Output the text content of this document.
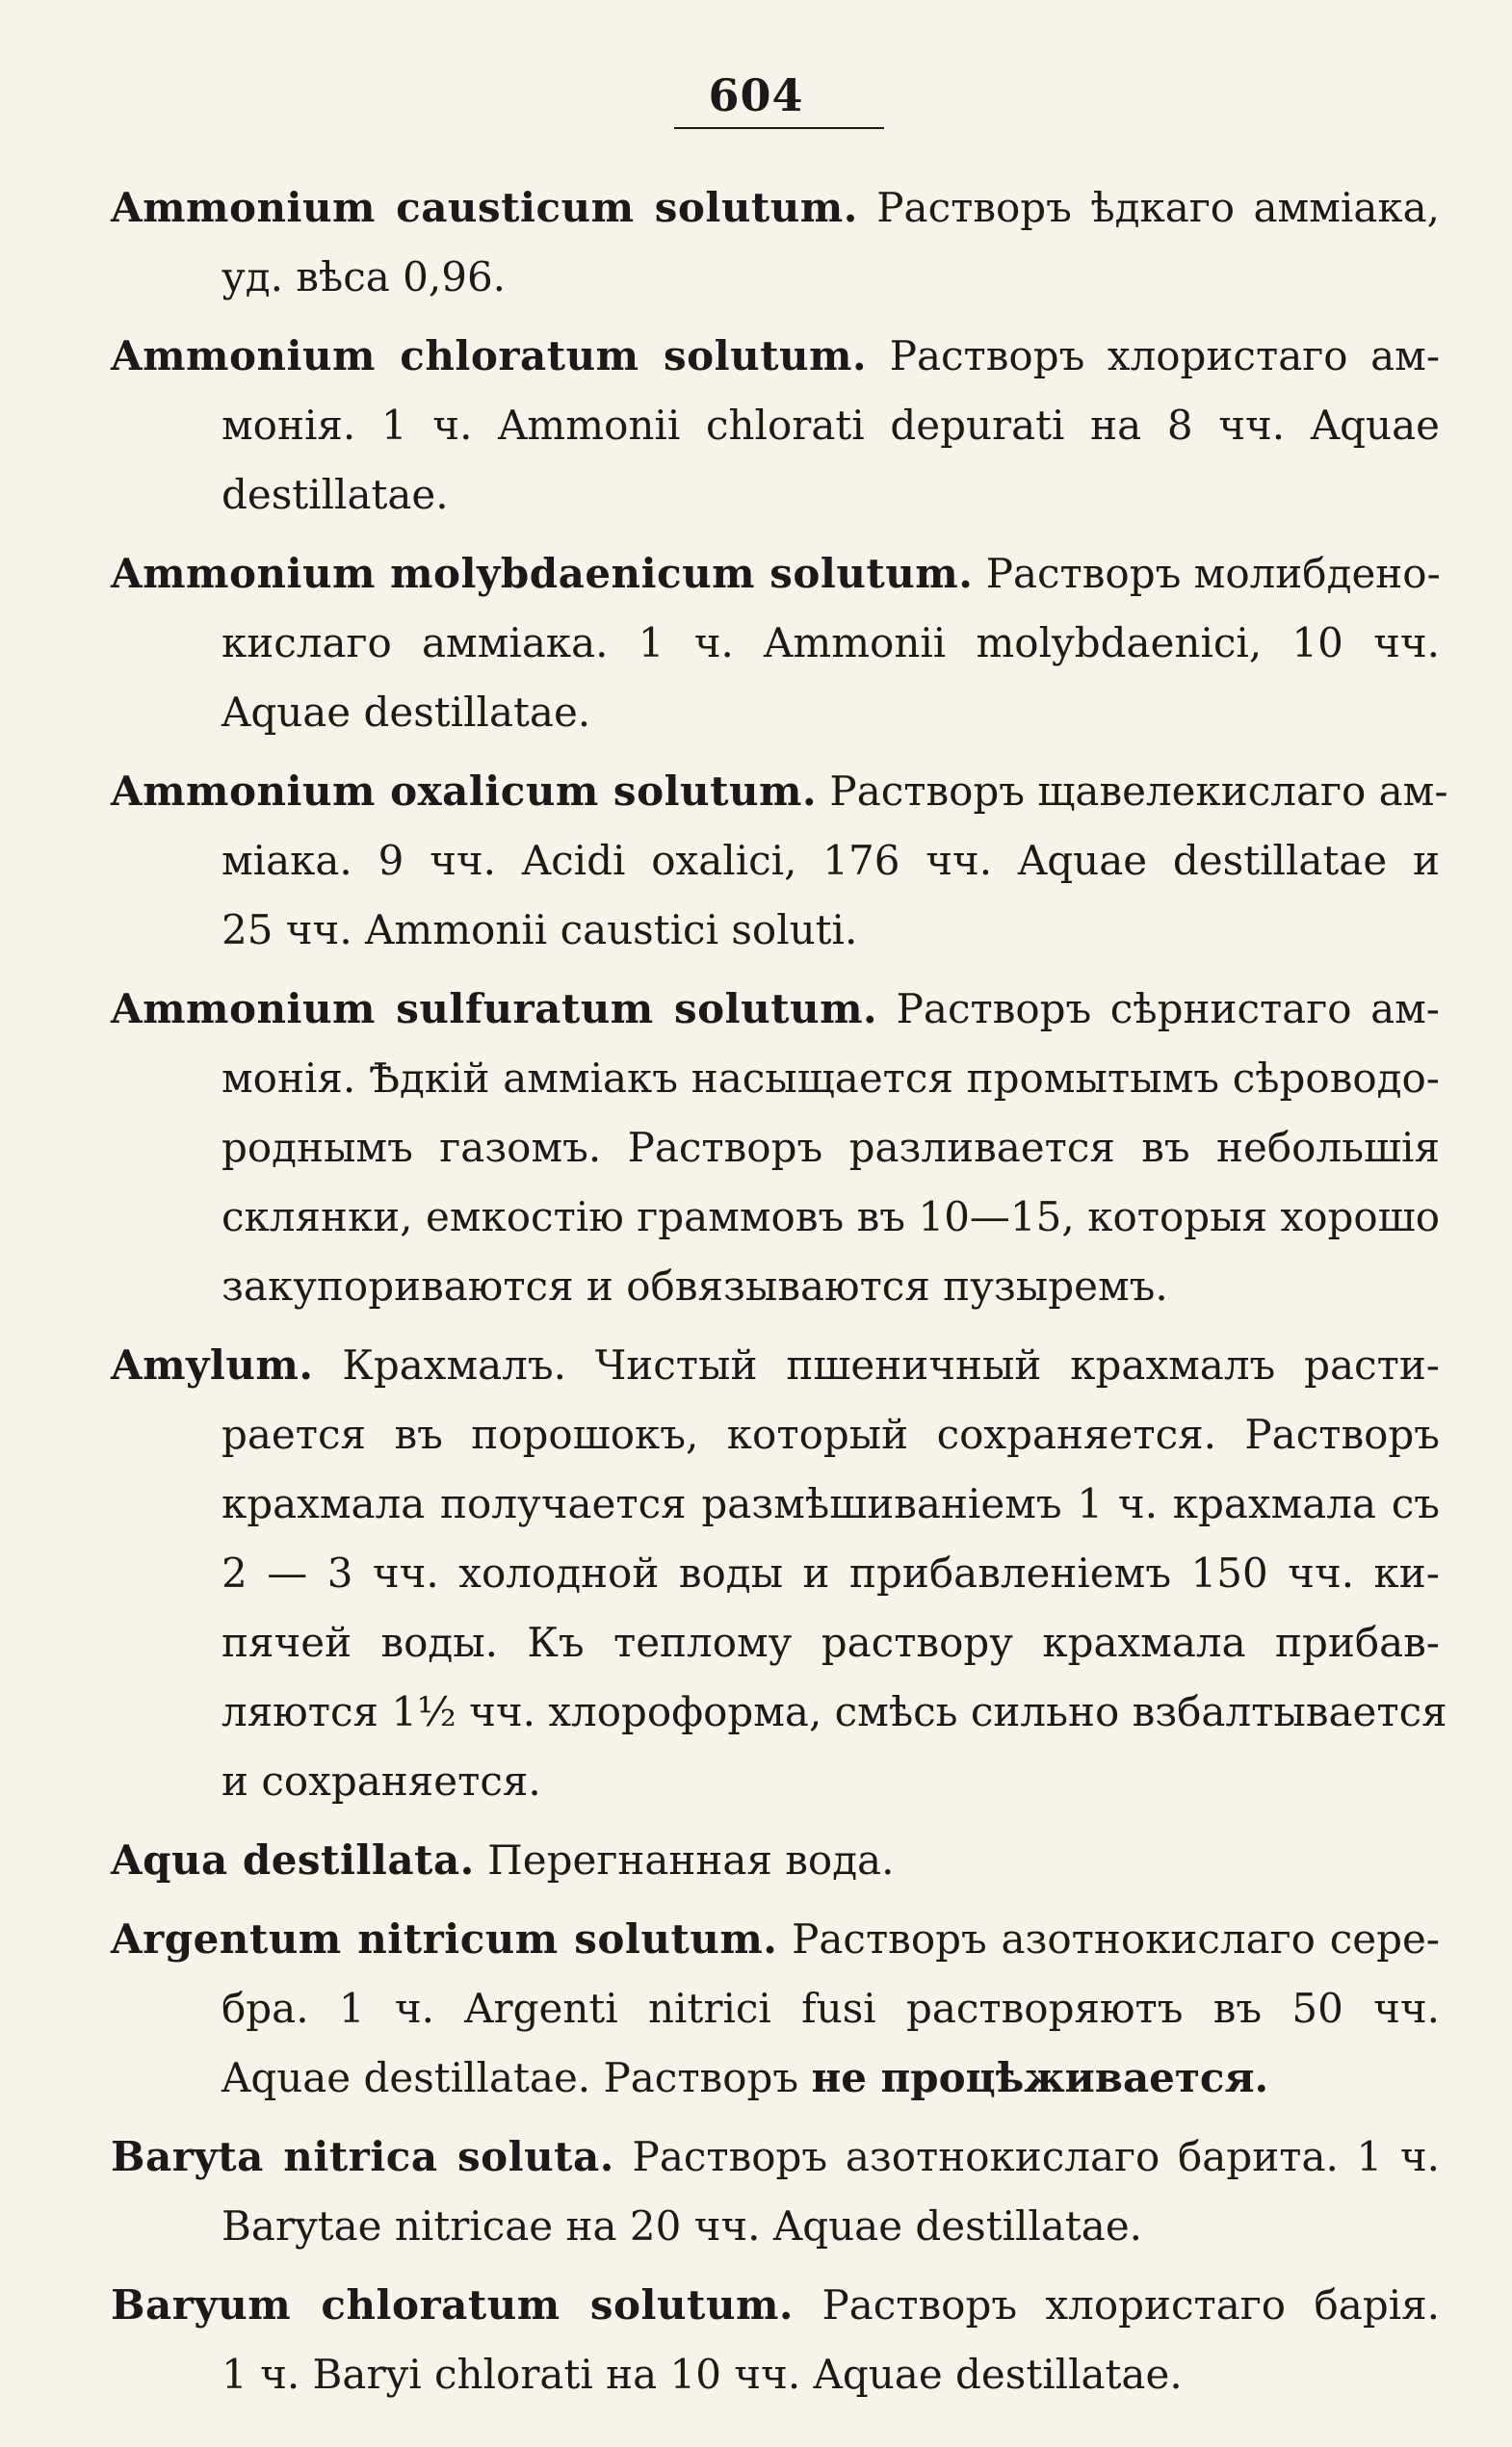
604
Ammonium causticum solutum. Растворъ ѣдкаго амміака,
уд. вѣса 0,96.
Ammonium chloratum solutum. Растворъ хлористаго ам-
монія. 1 ч. Ammonii chlorati depurati на 8 чч. Aquae
destillatae.
Ammonium molybdaenicum solutum. Растворъ молибдено-
кислаго амміака. 1 ч. Ammonii molybdaenici, 10 чч.
Aquae destillatae.
Ammonium oxalicum solutum. Растворъ щавелекислаго ам-
міака. 9 чч. Acidi oxalici, 176 чч. Aquae destillatae и
25 чч. Ammonii caustici soluti.
Ammonium sulfuratum solutum. Растворъ сѣрнистаго ам-
монія. Ѣдкій амміакъ насыщается промытымъ сѣроводо-
роднымъ газомъ. Растворъ разливается въ небольшія
склянки, емкостію граммовъ въ 10—15, которыя хорошо
закупориваются и обвязываются пузыремъ.
Amylum. Крахмалъ. Чистый пшеничный крахмалъ расти-
рается въ порошокъ, который сохраняется. Растворъ
крахмала получается размѣшиваніемъ 1 ч. крахмала съ
2 — 3 чч. холодной воды и прибавленіемъ 150 чч. ки-
пячей воды. Къ теплому раствору крахмала прибав-
ляются 1½ чч. хлороформа, смѣсь сильно взбалтывается
и сохраняется.
Aqua destillata. Перегнанная вода.
Argentum nitricum solutum. Растворъ азотнокислаго сере-
бра. 1 ч. Argenti nitrici fusi растворяютъ въ 50 чч.
Aquae destillatae. Растворъ не процѣживается.
Baryta nitrica soluta. Растворъ азотнокислаго барита. 1 ч.
Barytae nitricae на 20 чч. Aquae destillatae.
Baryum chloratum solutum. Растворъ хлористаго барія.
1 ч. Baryi chlorati на 10 чч. Aquae destillatae.
